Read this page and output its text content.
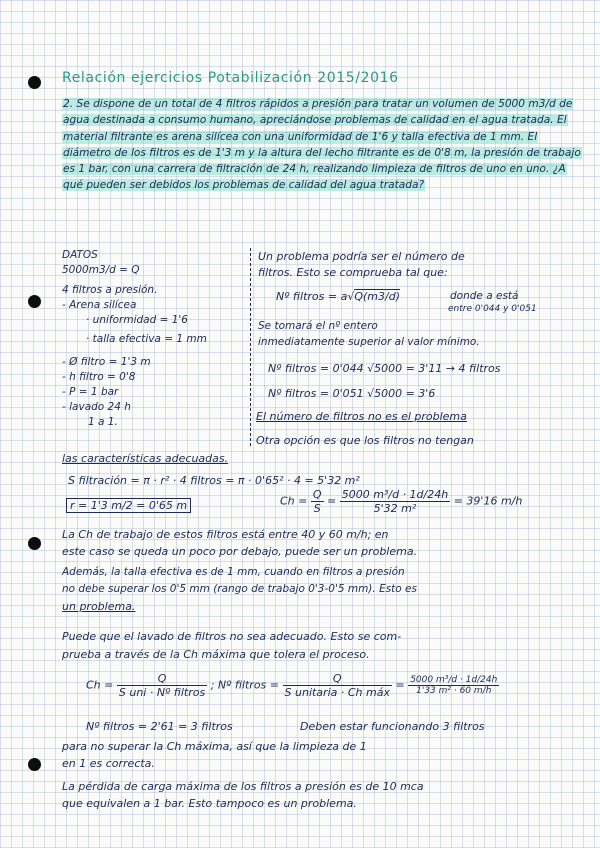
Relación ejercicios Potabilización 2015/2016
2. Se dispone de un total de 4 filtros rápidos a presión para tratar un volumen de 5000 m3/d de agua destinada a consumo humano, apreciándose problemas de calidad en el agua tratada. El material filtrante es arena silícea con una uniformidad de 1'6 y talla efectiva de 1 mm. El diámetro de los filtros es de 1'3 m y la altura del lecho filtrante es de 0'8 m, la presión de trabajo es 1 bar, con una carrera de filtración de 24 h, realizando limpieza de filtros de uno en uno. ¿A qué pueden ser debidos los problemas de calidad del agua tratada?
DATOS
5000m3/d = Q
4 filtros a presión.
- Arena silícea
· uniformidad = 1'6
· talla efectiva = 1 mm
- Ø filtro = 1'3 m
- h filtro = 0'8
- P = 1 bar
- lavado 24 h
1 a 1.
Un problema podría ser el número de
filtros. Esto se comprueba tal que:
Nº filtros = a√Q(m3/d)	donde a está
entre 0'044 y 0'051
Se tomará el nº entero
inmediatamente superior al valor mínimo.
Nº filtros = 0'044 √5000 = 3'11 → 4 filtros
Nº filtros = 0'051 √5000 = 3'6
El número de filtros no es el problema
Otra opción es que los filtros no tengan
las características adecuadas.
S filtración = π · r² · 4 filtros = π · 0'65² · 4 = 5'32 m²
r = 1'3 m/2 = 0'65 m	$Ch = \frac{Q}{S} = \frac{\text{5000 m³/d · 1d/24h}}{\text{5'32 m²}} = 39'16$ m/h
La Ch de trabajo de estos filtros está entre 40 y 60 m/h; en
este caso se queda un poco por debajo, puede ser un problema.
Además, la talla efectiva es de 1 mm, cuando en filtros a presión
no debe superar los 0'5 mm (rango de trabajo 0'3-0'5 mm). Esto es
un problema.
Puede que el lavado de filtros no sea adecuado. Esto se com-
prueba a través de la Ch máxima que tolera el proceso.
$Ch = \frac{Q}{\text{S uni · Nº filtros}}$ ; Nº filtros = $\frac{Q}{\text{S unitaria · Ch máx}} = \frac{\text{5000 m³/d · 1d/24h}}{\text{1'33 m² · 60 m/h}}$
Nº filtros = 2'61 = 3 filtros	Deben estar funcionando 3 filtros
para no superar la Ch máxima, así que la limpieza de 1
en 1 es correcta.
La pérdida de carga máxima de los filtros a presión es de 10 mca
que equivalen a 1 bar. Esto tampoco es un problema.
